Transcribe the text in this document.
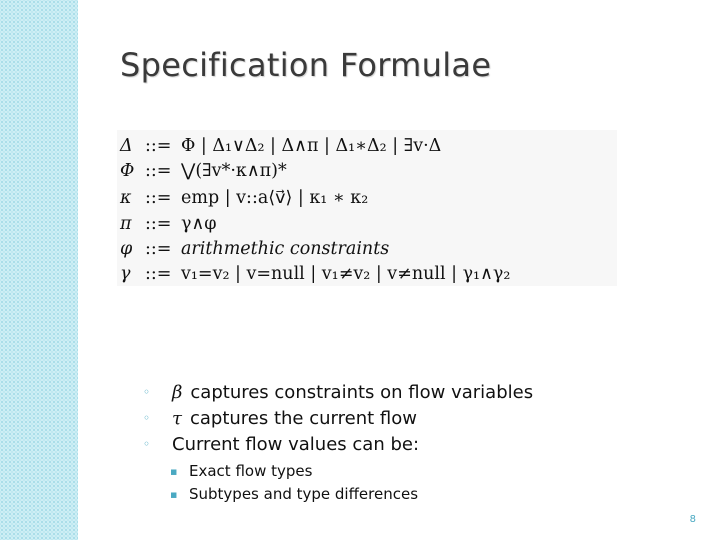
Specification Formulae
Δ ::= Φ | Δ₁∨Δ₂ | Δ∧π | Δ₁∗Δ₂ | ∃v·Δ
Φ ::= ⋁(∃v*·κ∧π)*
κ ::= emp | v::a⟨v⃗⟩ | κ₁ ∗ κ₂
π ::= γ∧φ
φ ::= arithmethic constraints
γ ::= v₁=v₂ | v=null | v₁≠v₂ | v≠null | γ₁∧γ₂
◦ β captures constraints on flow variables
◦ τ captures the current flow
◦ Current flow values can be:
▪ Exact flow types
▪ Subtypes and type differences
8
